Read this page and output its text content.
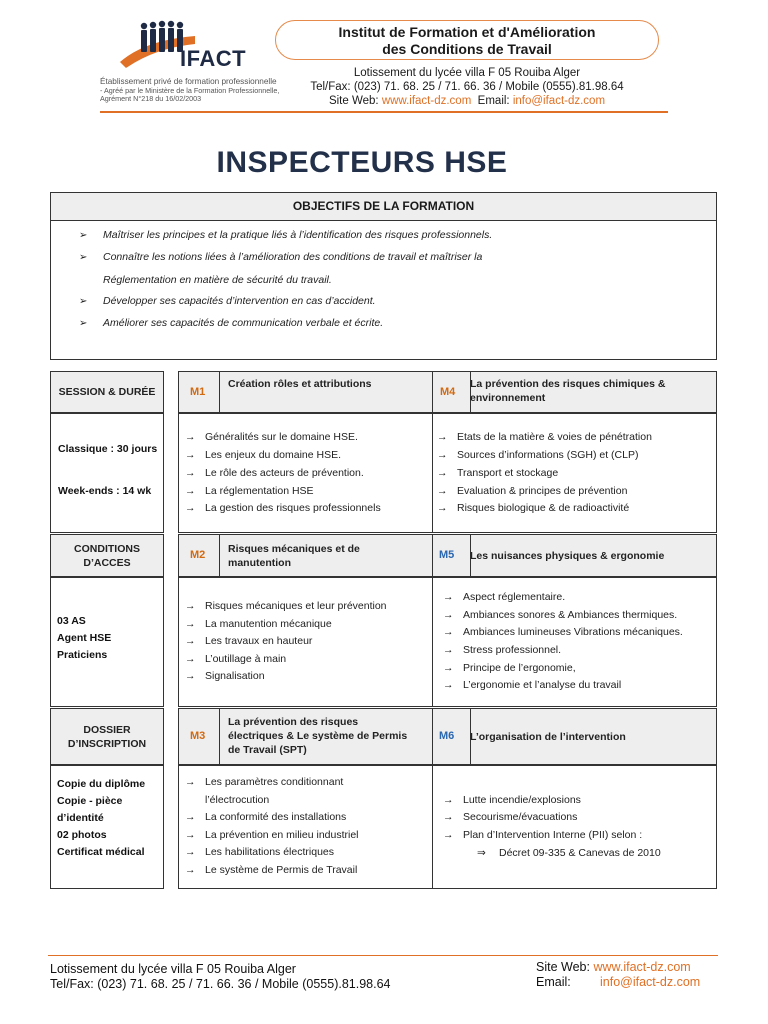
IFACT
Établissement privé de formation professionnelle
- Agréé par le Ministère de la Formation Professionnelle,
Agrément N°218 du 16/02/2003
Institut de Formation et d'Amélioration
des Conditions de Travail
Lotissement du lycée villa F 05 Rouiba Alger
Tel/Fax: (023) 71. 68. 25 / 71. 66. 36 / Mobile (0555).81.98.64
Site Web: www.ifact-dz.com Email: info@ifact-dz.com
INSPECTEURS HSE
OBJECTIFS DE LA FORMATION
➢ Maîtriser les principes et la pratique liés à l’identification des risques professionnels.
➢ Connaître les notions liées à l’amélioration des conditions de travail et maîtriser la
Réglementation en matière de sécurité du travail.
➢ Développer ses capacités d’intervention en cas d’accident.
➢ Améliorer ses capacités de communication verbale et écrite.
SESSION & DURÉE
Classique : 30 jours
Week-ends : 14 wk
M1
Création rôles et attributions
M4
La prévention des risques chimiques &
environnement
→ Généralités sur le domaine HSE.
→ Les enjeux du domaine HSE.
→ Le rôle des acteurs de prévention.
→ La réglementation HSE
→ La gestion des risques professionnels
→ Etats de la matière & voies de pénétration
→ Sources d’informations (SGH) et (CLP)
→ Transport et stockage
→ Evaluation & principes de prévention
→ Risques biologique & de radioactivité
CONDITIONS
D’ACCES
03 AS
Agent HSE
Praticiens
M2 Risques mécaniques et de
manutention
M5 Les nuisances physiques & ergonomie
→ Risques mécaniques et leur prévention
→ La manutention mécanique
→ Les travaux en hauteur
→ L’outillage à main
→ Signalisation
→ Aspect réglementaire.
→ Ambiances sonores & Ambiances thermiques.
→ Ambiances lumineuses Vibrations mécaniques.
→ Stress professionnel.
→ Principe de l’ergonomie,
→ L’ergonomie et l’analyse du travail
DOSSIER
D’INSCRIPTION
Copie du diplôme
Copie - pièce
d’identité
02 photos
Certificat médical
M3
La prévention des risques
électriques & Le système de Permis
de Travail (SPT)
M6 L’organisation de l’intervention
→ Les paramètres conditionnant
l’électrocution
→ La conformité des installations
→ La prévention en milieu industriel
→ Les habilitations électriques
→ Le système de Permis de Travail
→ Lutte incendie/explosions
→ Secourisme/évacuations
→ Plan d’Intervention Interne (PII) selon :
⇒ Décret 09-335 & Canevas de 2010
Lotissement du lycée villa F 05 Rouiba Alger
Tel/Fax: (023) 71. 68. 25 / 71. 66. 36 / Mobile (0555).81.98.64
Site Web: www.ifact-dz.com
Email: info@ifact-dz.com
